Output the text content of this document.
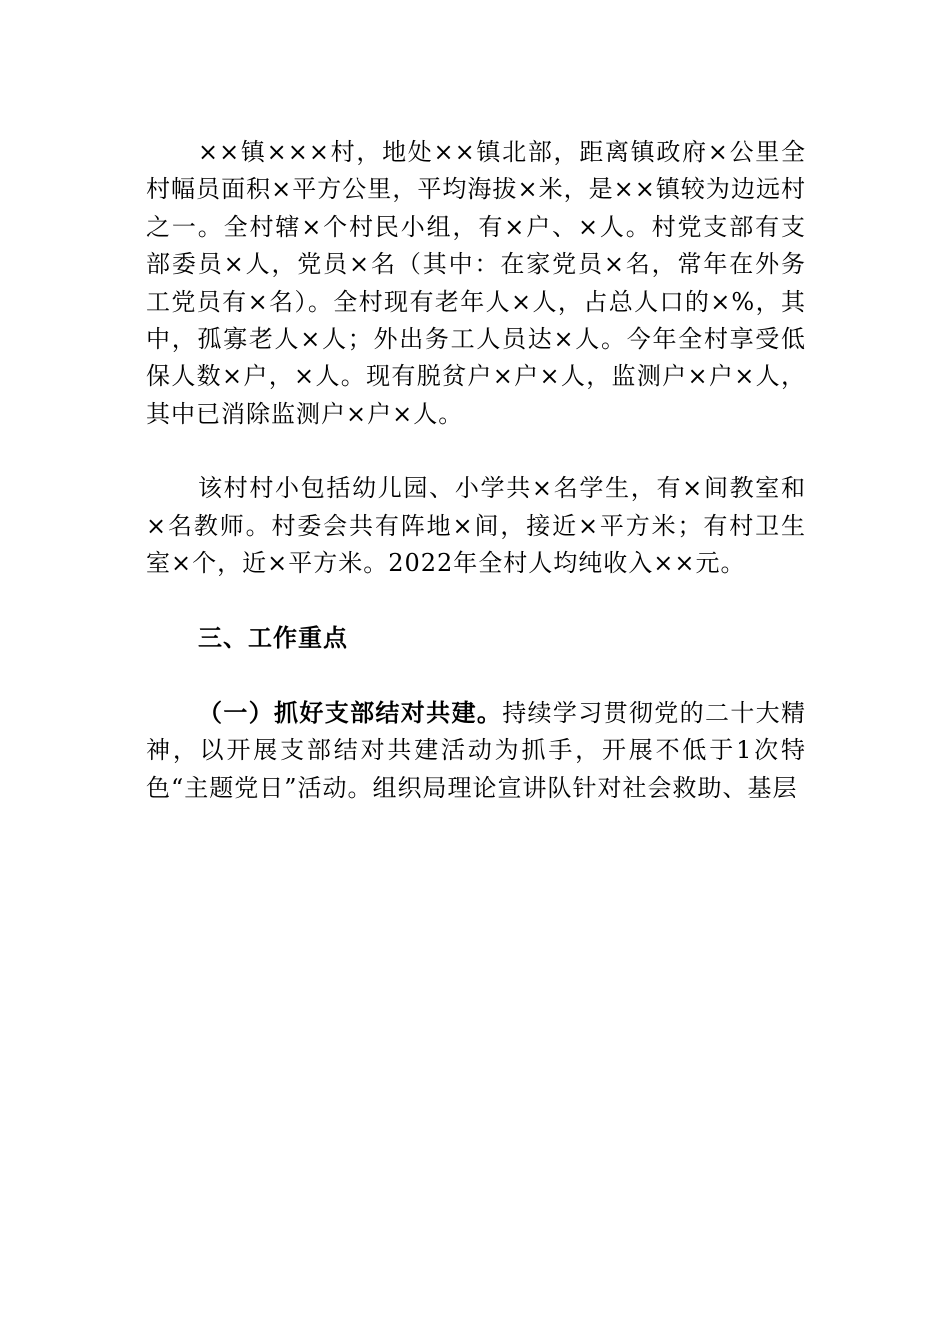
××镇×××村，地处××镇北部，距离镇政府×公里全村幅员面积×平方公里，平均海拔×米，是××镇较为边远村之一。全村辖×个村民小组，有×户、×人。村党支部有支部委员×人，党员×名（其中：在家党员×名，常年在外务工党员有×名）。全村现有老年人×人，占总人口的×%，其中，孤寡老人×人；外出务工人员达×人。今年全村享受低保人数×户，×人。现有脱贫户×户×人，监测户×户×人，其中已消除监测户×户×人。

该村村小包括幼儿园、小学共×名学生，有×间教室和×名教师。村委会共有阵地×间，接近×平方米；有村卫生室×个，近×平方米。2022年全村人均纯收入××元。

三、工作重点

（一）抓好支部结对共建。持续学习贯彻党的二十大精神，以开展支部结对共建活动为抓手，开展不低于1次特色“主题党日”活动。组织局理论宣讲队针对社会救助、基层
